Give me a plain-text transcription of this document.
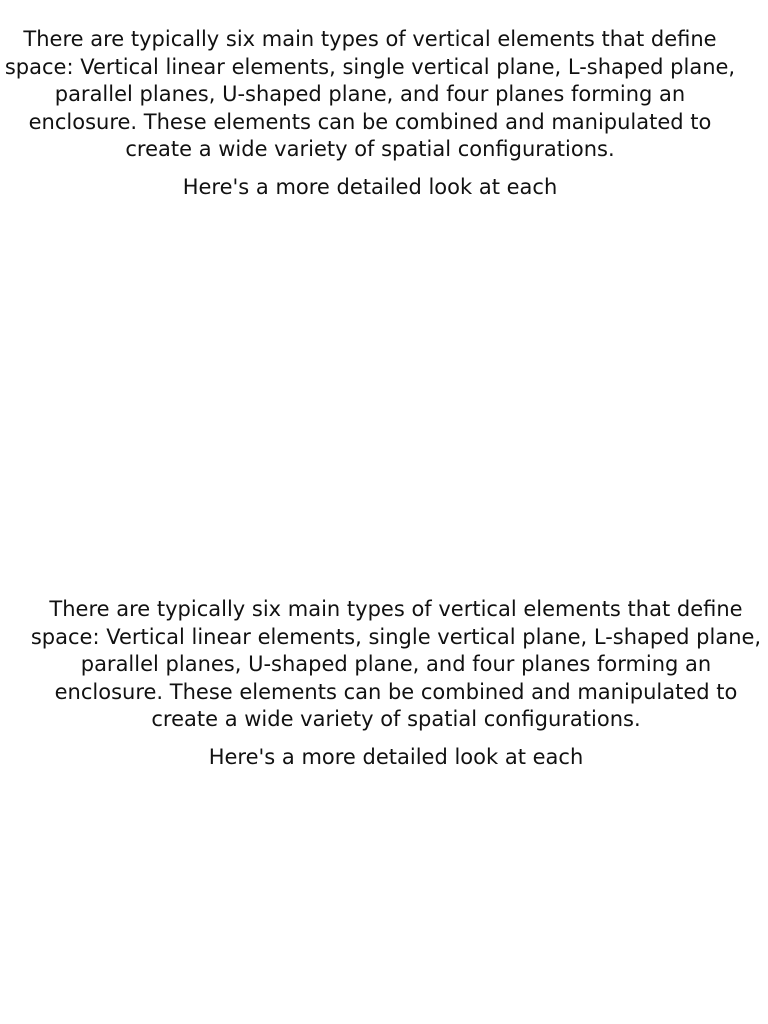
There are typically six main types of vertical elements that define space: Vertical linear elements, single vertical plane, L-shaped plane, parallel planes, U-shaped plane, and four planes forming an enclosure. These elements can be combined and manipulated to create a wide variety of spatial configurations.

Here's a more detailed look at each

There are typically six main types of vertical elements that define space: Vertical linear elements, single vertical plane, L-shaped plane, parallel planes, U-shaped plane, and four planes forming an enclosure. These elements can be combined and manipulated to create a wide variety of spatial configurations.

Here's a more detailed look at each
